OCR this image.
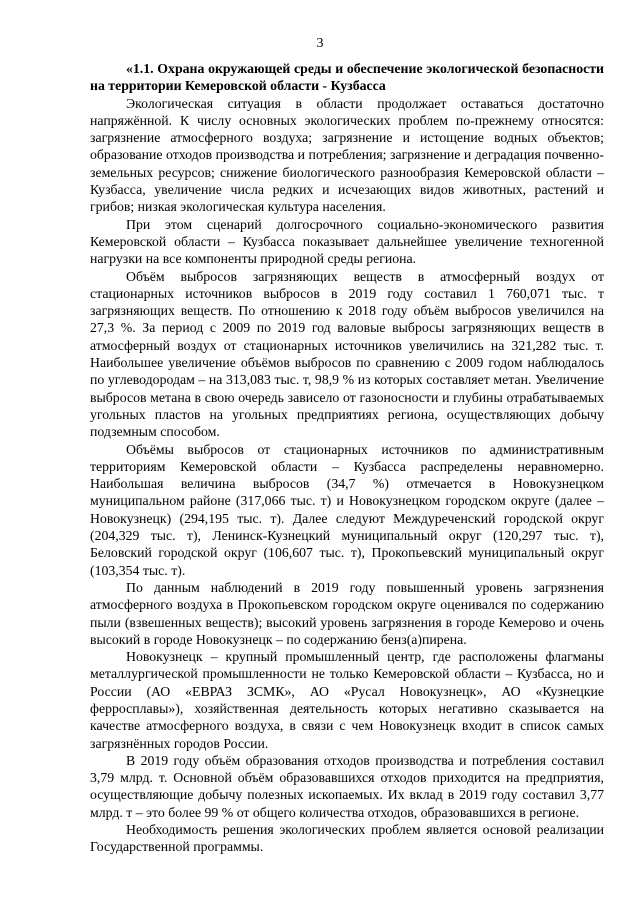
3

«1.1. Охрана окружающей среды и обеспечение экологической безопасности на территории Кемеровской области - Кузбасса

Экологическая ситуация в области продолжает оставаться достаточно напряжённой. К числу основных экологических проблем по-прежнему относятся: загрязнение атмосферного воздуха; загрязнение и истощение водных объектов; образование отходов производства и потребления; загрязнение и деградация почвенно-земельных ресурсов; снижение биологического разнообразия Кемеровской области – Кузбасса, увеличение числа редких и исчезающих видов животных, растений и грибов; низкая экологическая культура населения.

При этом сценарий долгосрочного социально-экономического развития Кемеровской области – Кузбасса показывает дальнейшее увеличение техногенной нагрузки на все компоненты природной среды региона.

Объём выбросов загрязняющих веществ в атмосферный воздух от стационарных источников выбросов в 2019 году составил 1 760,071 тыс. т загрязняющих веществ. По отношению к 2018 году объём выбросов увеличился на 27,3 %. За период с 2009 по 2019 год валовые выбросы загрязняющих веществ в атмосферный воздух от стационарных источников увеличились на 321,282 тыс. т. Наибольшее увеличение объёмов выбросов по сравнению с 2009 годом наблюдалось по углеводородам – на 313,083 тыс. т, 98,9 % из которых составляет метан. Увеличение выбросов метана в свою очередь зависело от газоносности и глубины отрабатываемых угольных пластов на угольных предприятиях региона, осуществляющих добычу подземным способом.

Объёмы выбросов от стационарных источников по административным территориям Кемеровской области – Кузбасса распределены неравномерно. Наибольшая величина выбросов (34,7 %) отмечается в Новокузнецком муниципальном районе (317,066 тыс. т) и Новокузнецком городском округе (далее – Новокузнецк) (294,195 тыс. т). Далее следуют Междуреченский городской округ (204,329 тыс. т), Ленинск-Кузнецкий муниципальный округ (120,297 тыс. т), Беловский городской округ (106,607 тыс. т), Прокопьевский муниципальный округ (103,354 тыс. т).

По данным наблюдений в 2019 году повышенный уровень загрязнения атмосферного воздуха в Прокопьевском городском округе оценивался по содержанию пыли (взвешенных веществ); высокий уровень загрязнения в городе Кемерово и очень высокий в городе Новокузнецк – по содержанию бенз(а)пирена.

Новокузнецк – крупный промышленный центр, где расположены флагманы металлургической промышленности не только Кемеровской области – Кузбасса, но и России (АО «ЕВРАЗ ЗСМК», АО «Русал Новокузнецк», АО «Кузнецкие ферросплавы»), хозяйственная деятельность которых негативно сказывается на качестве атмосферного воздуха, в связи с чем Новокузнецк входит в список самых загрязнённых городов России.

В 2019 году объём образования отходов производства и потребления составил 3,79 млрд. т. Основной объём образовавшихся отходов приходится на предприятия, осуществляющие добычу полезных ископаемых. Их вклад в 2019 году составил 3,77 млрд. т – это более 99 % от общего количества отходов, образовавшихся в регионе.

Необходимость решения экологических проблем является основой реализации Государственной программы.
